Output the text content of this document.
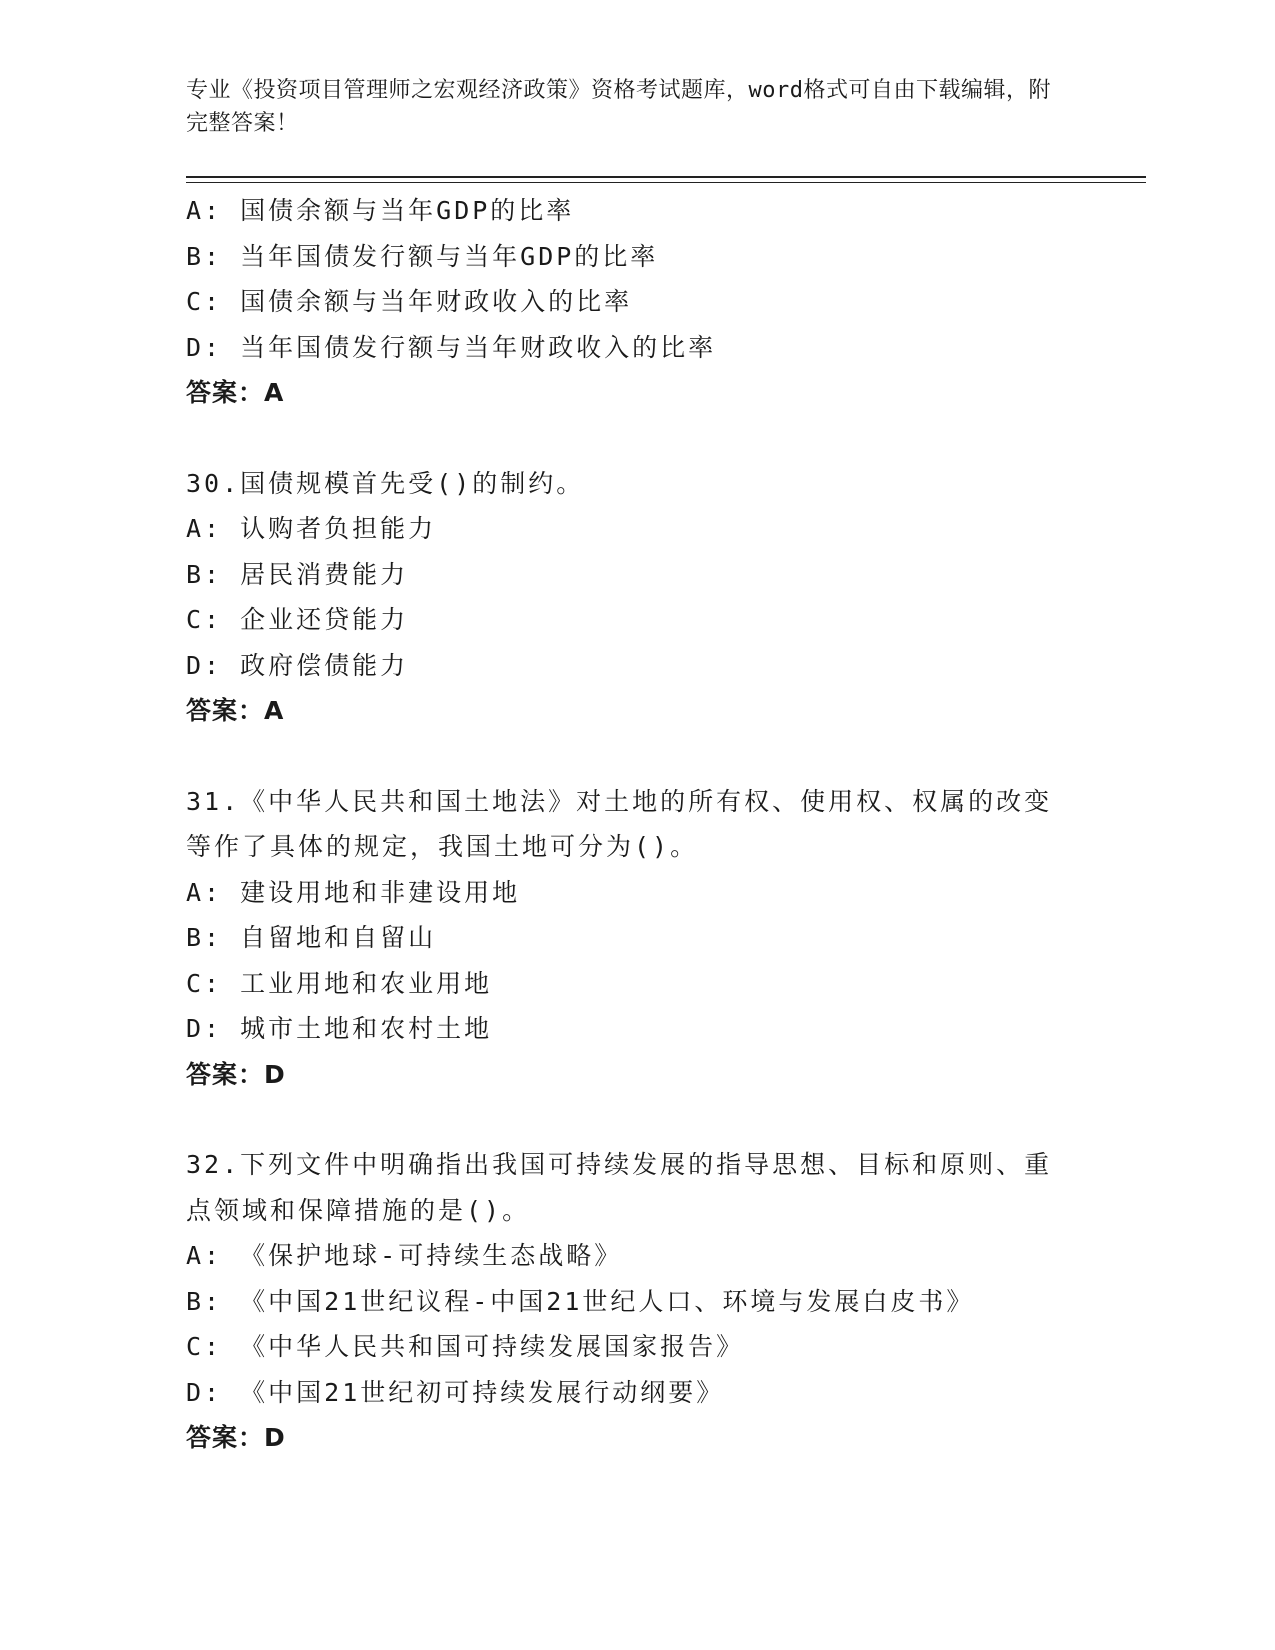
专业《投资项目管理师之宏观经济政策》资格考试题库，word格式可自由下载编辑，附完整答案！
A: 国债余额与当年GDP的比率
B: 当年国债发行额与当年GDP的比率
C: 国债余额与当年财政收入的比率
D: 当年国债发行额与当年财政收入的比率
答案：A
30.国债规模首先受()的制约。
A: 认购者负担能力
B: 居民消费能力
C: 企业还贷能力
D: 政府偿债能力
答案：A
31.《中华人民共和国土地法》对土地的所有权、使用权、权属的改变等作了具体的规定，我国土地可分为()。
A: 建设用地和非建设用地
B: 自留地和自留山
C: 工业用地和农业用地
D: 城市土地和农村土地
答案：D
32.下列文件中明确指出我国可持续发展的指导思想、目标和原则、重点领域和保障措施的是()。
A: 《保护地球-可持续生态战略》
B: 《中国21世纪议程-中国21世纪人口、环境与发展白皮书》
C: 《中华人民共和国可持续发展国家报告》
D: 《中国21世纪初可持续发展行动纲要》
答案：D
